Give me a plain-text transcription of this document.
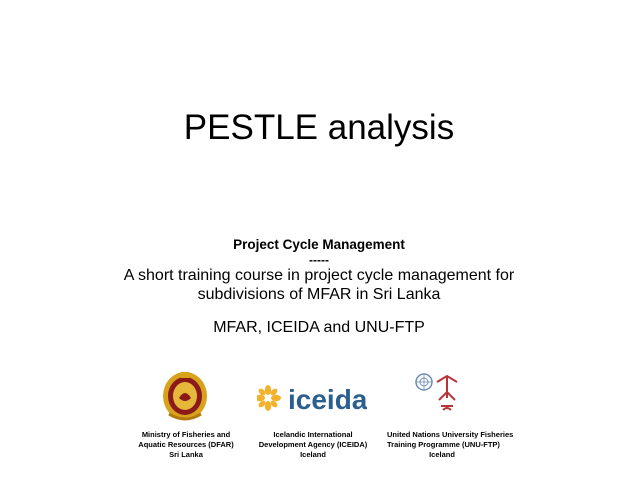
PESTLE analysis
Project Cycle Management
-----
A short training course in project cycle management for
subdivisions of MFAR in Sri Lanka
MFAR, ICEIDA and UNU-FTP
iceida
Ministry of Fisheries and
Aquatic Resources (DFAR)
Sri Lanka
Icelandic International
Development Agency (ICEIDA)
Iceland
United Nations University Fisheries
Training Programme (UNU-FTP)
Iceland
